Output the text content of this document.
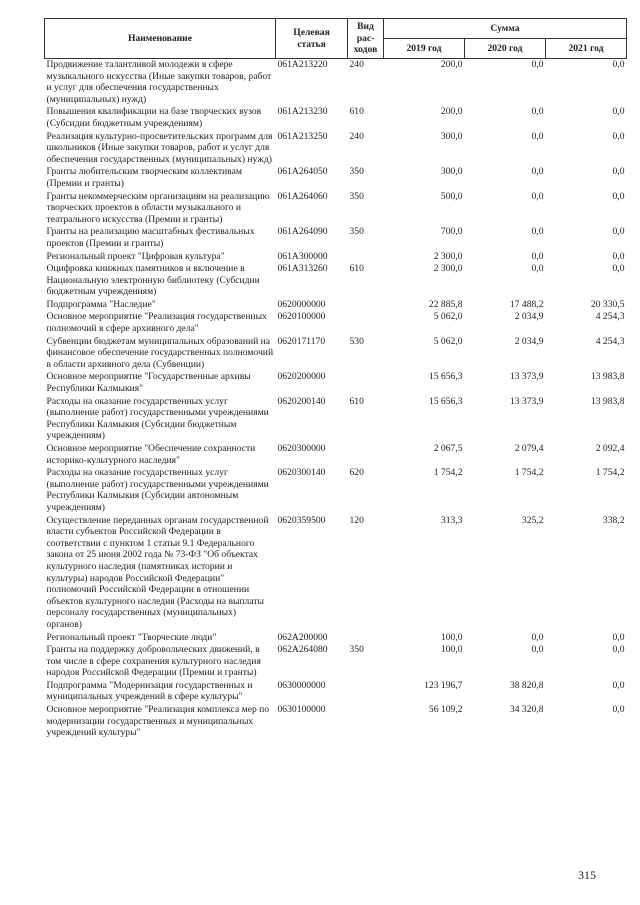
Наименование	Целевая статья	Вид рас-ходов	Сумма		
			2019 год	2020 год	2021 год
Продвижение талантливой молодежи в сфере музыкального искусства (Иные закупки товаров, работ и услуг для обеспечения государственных (муниципальных) нужд)	061А213220	240	200,0	0,0	0,0
Повышения квалификации на базе творческих вузов (Субсидии бюджетным учреждениям)	061А213230	610	200,0	0,0	0,0
Реализация культурно-просветительских программ для школьников (Иные закупки товаров, работ и услуг для обеспечения государственных (муниципальных) нужд)	061А213250	240	300,0	0,0	0,0
Гранты любительским творческим коллективам (Премии и гранты)	061А264050	350	300,0	0,0	0,0
Гранты некоммерческим организациям на реализацию творческих проектов в области музыкального и театрального искусства (Премии и гранты)	061А264060	350	500,0	0,0	0,0
Гранты на реализацию масштабных фестивальных проектов (Премии и гранты)	061А264090	350	700,0	0,0	0,0
Региональный проект "Цифровая культура"	061А300000		2 300,0	0,0	0,0
Оцифровка книжных памятников и включение в Национальную электронную библиотеку (Субсидии бюджетным учреждениям)	061А313260	610	2 300,0	0,0	0,0
Подпрограмма "Наследие"	0620000000		22 885,8	17 488,2	20 330,5
Основное мероприятие "Реализация государственных полномочий в сфере архивного дела"	0620100000		5 062,0	2 034,9	4 254,3
Субвенции бюджетам муниципальных образований на финансовое обеспечение государственных полномочий в области архивного дела (Субвенции)	0620171170	530	5 062,0	2 034,9	4 254,3
Основное мероприятие "Государственные архивы Республики Калмыкия"	0620200000		15 656,3	13 373,9	13 983,8
Расходы на оказание государственных услуг (выполнение работ) государственными учреждениями Республики Калмыкия (Субсидии бюджетным учреждениям)	0620200140	610	15 656,3	13 373,9	13 983,8
Основное мероприятие "Обеспечение сохранности историко-культурного наследия"	0620300000		2 067,5	2 079,4	2 092,4
Расходы на оказание государственных услуг (выполнение работ) государственными учреждениями Республики Калмыкия (Субсидии автономным учреждениям)	0620300140	620	1 754,2	1 754,2	1 754,2
Осуществление переданных органам государственной власти субъектов Российской Федерации в соответствии с пунктом 1 статьи 9.1 Федерального закона от 25 июня 2002 года № 73-ФЗ "Об объектах культурного наследия (памятниках истории и культуры) народов Российской Федерации" полномочий Российской Федерации в отношении объектов культурного наследия (Расходы на выплаты персоналу государственных (муниципальных) органов)	0620359500	120	313,3	325,2	338,2
Региональный проект "Творческие люди"	062А200000		100,0	0,0	0,0
Гранты на поддержку добровольческих движений, в том числе в сфере сохранения культурного наследия народов Российской Федерации (Премии и гранты)	062А264080	350	100,0	0,0	0,0
Подпрограмма "Модернизация государственных и муниципальных учреждений в сфере культуры"	0630000000		123 196,7	38 820,8	0,0
Основное мероприятие "Реализация комплекса мер по модернизации государственных и муниципальных учреждений культуры"	0630100000		56 109,2	34 320,8	0,0
315
